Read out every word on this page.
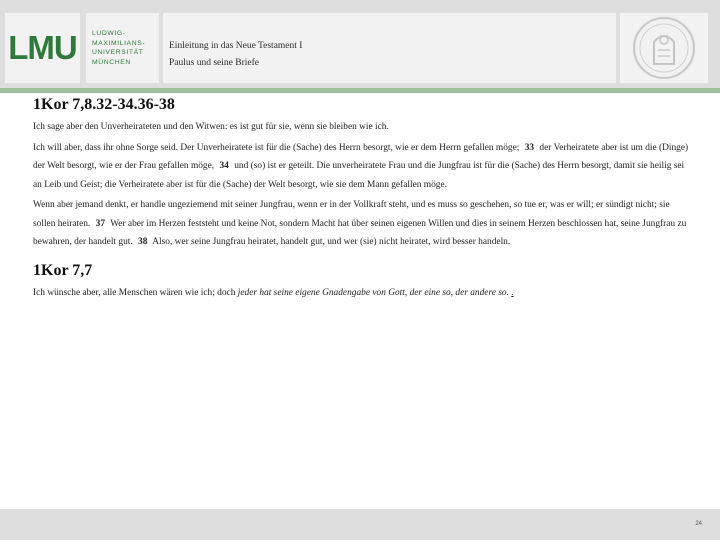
LMU LUDWIG-
MAXIMILIANS-
UNIVERSITÄT
MÜNCHEN
Einleitung in das Neue Testament I
Paulus und seine Briefe
1Kor 7,8.32-34.36-38

Ich sage aber den Unverheirateten und den Witwen: es ist gut für sie, wenn sie bleiben wie ich.

Ich will aber, dass ihr ohne Sorge seid. Der Unverheiratete ist für die (Sache) des Herrn besorgt, wie er dem Herrn gefallen möge; 33 der Verheiratete aber ist um die (Dinge) der Welt besorgt, wie er der Frau gefallen möge, 34 und (so) ist er geteilt. Die unverheiratete Frau und die Jungfrau ist für die (Sache) des Herrn besorgt, damit sie heilig sei an Leib und Geist; die Verheiratete aber ist für die (Sache) der Welt besorgt, wie sie dem Mann gefallen möge.

Wenn aber jemand denkt, er handle ungeziemend mit seiner Jungfrau, wenn er in der Vollkraft steht, und es muss so geschehen, so tue er, was er will; er sündigt nicht; sie sollen heiraten. 37 Wer aber im Herzen feststeht und keine Not, sondern Macht hat über seinen eigenen Willen und dies in seinem Herzen beschlossen hat, seine Jungfrau zu bewahren, der handelt gut. 38 Also, wer seine Jungfrau heiratet, handelt gut, und wer (sie) nicht heiratet, wird besser handeln.

1Kor 7,7

Ich wünsche aber, alle Menschen wären wie ich; doch jeder hat seine eigene Gnadengabe von Gott, der eine so, der andere so. .

24
